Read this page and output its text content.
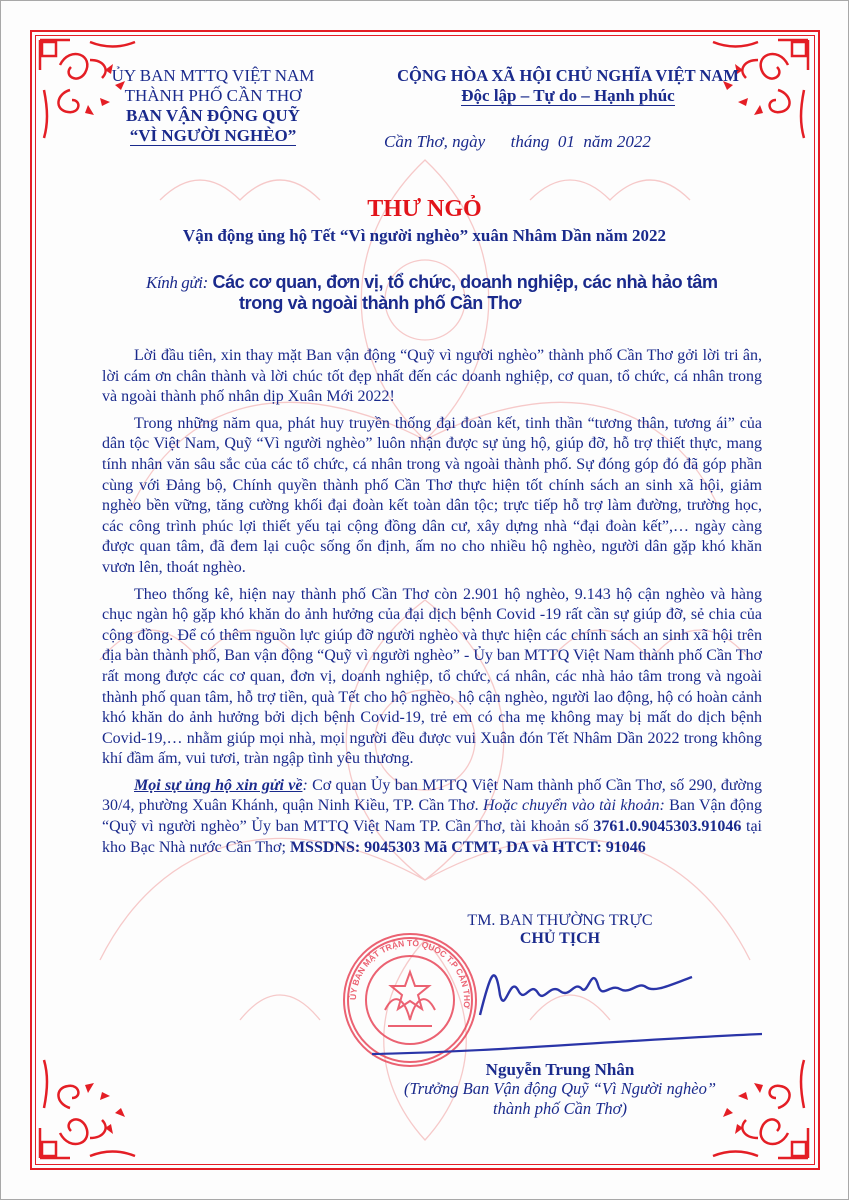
ỦY BAN MTTQ VIỆT NAM
THÀNH PHỐ CẦN THƠ
BAN VẬN ĐỘNG QUỸ
“VÌ NGƯỜI NGHÈO”
CỘNG HÒA XÃ HỘI CHỦ NGHĨA VIỆT NAM
Độc lập – Tự do – Hạnh phúc
Cần Thơ, ngày      tháng  01  năm 2022
THƯ NGỎ
Vận động ủng hộ Tết “Vì người nghèo” xuân Nhâm Dần năm 2022
Kính gửi: Các cơ quan, đơn vị, tổ chức, doanh nghiệp, các nhà hảo tâm
trong và ngoài thành phố Cần Thơ

Lời đầu tiên, xin thay mặt Ban vận động “Quỹ vì người nghèo” thành phố Cần Thơ gởi lời tri ân, lời cám ơn chân thành và lời chúc tốt đẹp nhất đến các doanh nghiệp, cơ quan, tổ chức, cá nhân trong và ngoài thành phố nhân dịp Xuân Mới 2022!

Trong những năm qua, phát huy truyền thống đại đoàn kết, tinh thần “tương thân, tương ái” của dân tộc Việt Nam, Quỹ “Vì người nghèo” luôn nhận được sự ủng hộ, giúp đỡ, hỗ trợ thiết thực, mang tính nhân văn sâu sắc của các tổ chức, cá nhân trong và ngoài thành phố. Sự đóng góp đó đã góp phần cùng với Đảng bộ, Chính quyền thành phố Cần Thơ thực hiện tốt chính sách an sinh xã hội, giảm nghèo bền vững, tăng cường khối đại đoàn kết toàn dân tộc; trực tiếp hỗ trợ làm đường, trường học, các công trình phúc lợi thiết yếu tại cộng đồng dân cư, xây dựng nhà “đại đoàn kết”,… ngày càng được quan tâm, đã đem lại cuộc sống ổn định, ấm no cho nhiều hộ nghèo, người dân gặp khó khăn vươn lên, thoát nghèo.

Theo thống kê, hiện nay thành phố Cần Thơ còn 2.901 hộ nghèo, 9.143 hộ cận nghèo và hàng chục ngàn hộ gặp khó khăn do ảnh hưởng của đại dịch bệnh Covid -19 rất cần sự giúp đỡ, sẻ chia của cộng đồng. Để có thêm nguồn lực giúp đỡ người nghèo và thực hiện các chính sách an sinh xã hội trên địa bàn thành phố, Ban vận động “Quỹ vì người nghèo” - Ủy ban MTTQ Việt Nam thành phố Cần Thơ rất mong được các cơ quan, đơn vị, doanh nghiệp, tổ chức, cá nhân, các nhà hảo tâm trong và ngoài thành phố quan tâm, hỗ trợ tiền, quà Tết cho hộ nghèo, hộ cận nghèo, người lao động, hộ có hoàn cảnh khó khăn do ảnh hưởng bởi dịch bệnh Covid-19, trẻ em có cha mẹ không may bị mất do dịch bệnh Covid-19,… nhằm giúp mọi nhà, mọi người đều được vui Xuân đón Tết Nhâm Dần 2022 trong không khí đầm ấm, vui tươi, tràn ngập tình yêu thương.

Mọi sự ủng hộ xin gửi về: Cơ quan Ủy ban MTTQ Việt Nam thành phố Cần Thơ, số 290, đường 30/4, phường Xuân Khánh, quận Ninh Kiều, TP. Cần Thơ. Hoặc chuyển vào tài khoản: Ban Vận động “Quỹ vì người nghèo” Ủy ban MTTQ Việt Nam TP. Cần Thơ, tài khoản số 3761.0.9045303.91046 tại kho Bạc Nhà nước Cần Thơ; MSSDNS: 9045303 Mã CTMT, DA và HTCT: 91046

TM. BAN THƯỜNG TRỰC
CHỦ TỊCH
ỦY BAN MẶT TRẬN TỔ QUỐC T.P CẦN THƠ
Nguyễn Trung Nhân
(Trưởng Ban Vận động Quỹ “Vì Người nghèo”
thành phố Cần Thơ)
